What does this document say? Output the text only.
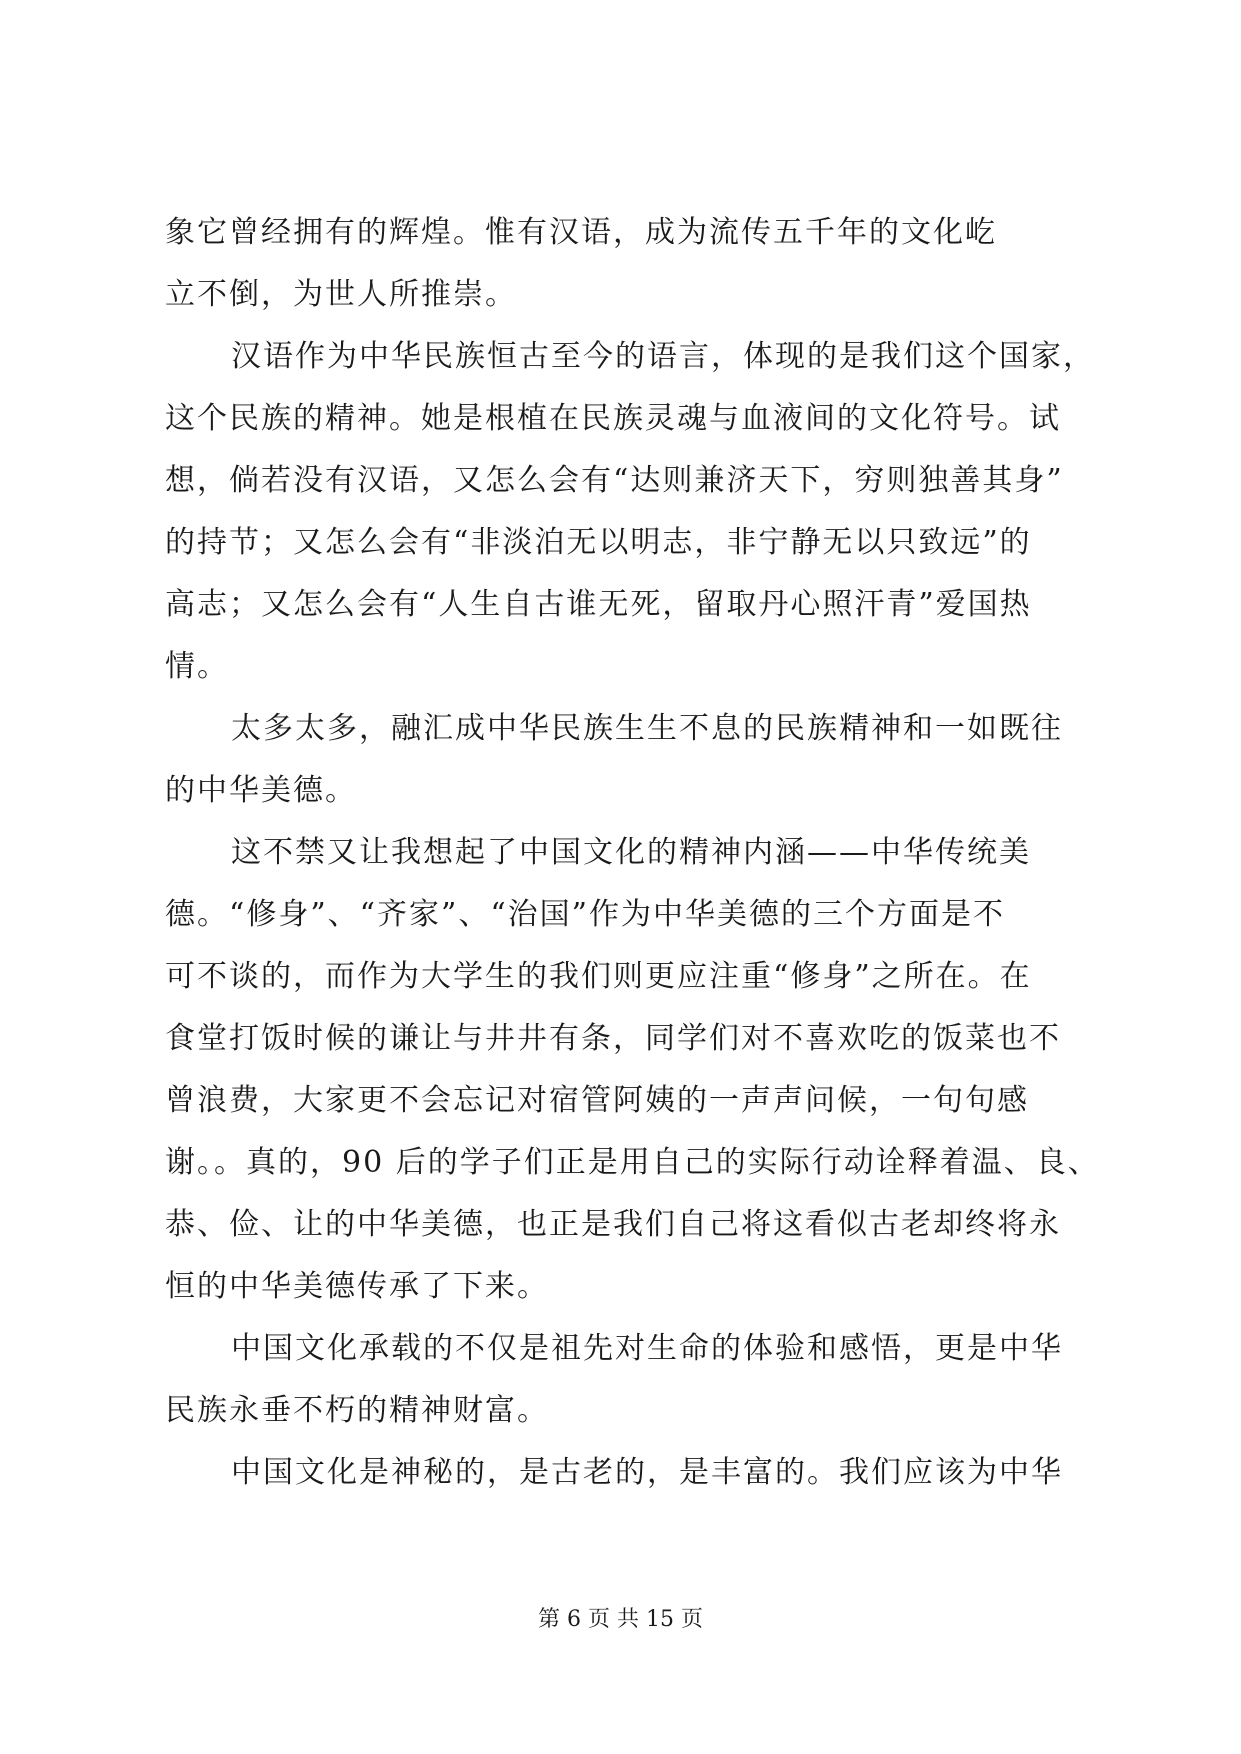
象它曾经拥有的辉煌。惟有汉语，成为流传五千年的文化屹
立不倒，为世人所推崇。
汉语作为中华民族恒古至今的语言，体现的是我们这个国家，
这个民族的精神。她是根植在民族灵魂与血液间的文化符号。试
想，倘若没有汉语，又怎么会有“达则兼济天下，穷则独善其身”
的持节；又怎么会有“非淡泊无以明志，非宁静无以只致远”的
高志；又怎么会有“人生自古谁无死，留取丹心照汗青”爱国热
情。
太多太多，融汇成中华民族生生不息的民族精神和一如既往
的中华美德。
这不禁又让我想起了中国文化的精神内涵——中华传统美
德。“修身”、“齐家”、“治国”作为中华美德的三个方面是不
可不谈的，而作为大学生的我们则更应注重“修身”之所在。在
食堂打饭时候的谦让与井井有条，同学们对不喜欢吃的饭菜也不
曾浪费，大家更不会忘记对宿管阿姨的一声声问候，一句句感
谢。。真的，90 后的学子们正是用自己的实际行动诠释着温、良、
恭、俭、让的中华美德，也正是我们自己将这看似古老却终将永
恒的中华美德传承了下来。
中国文化承载的不仅是祖先对生命的体验和感悟，更是中华
民族永垂不朽的精神财富。
中国文化是神秘的，是古老的，是丰富的。我们应该为中华
第 6 页 共 15 页
